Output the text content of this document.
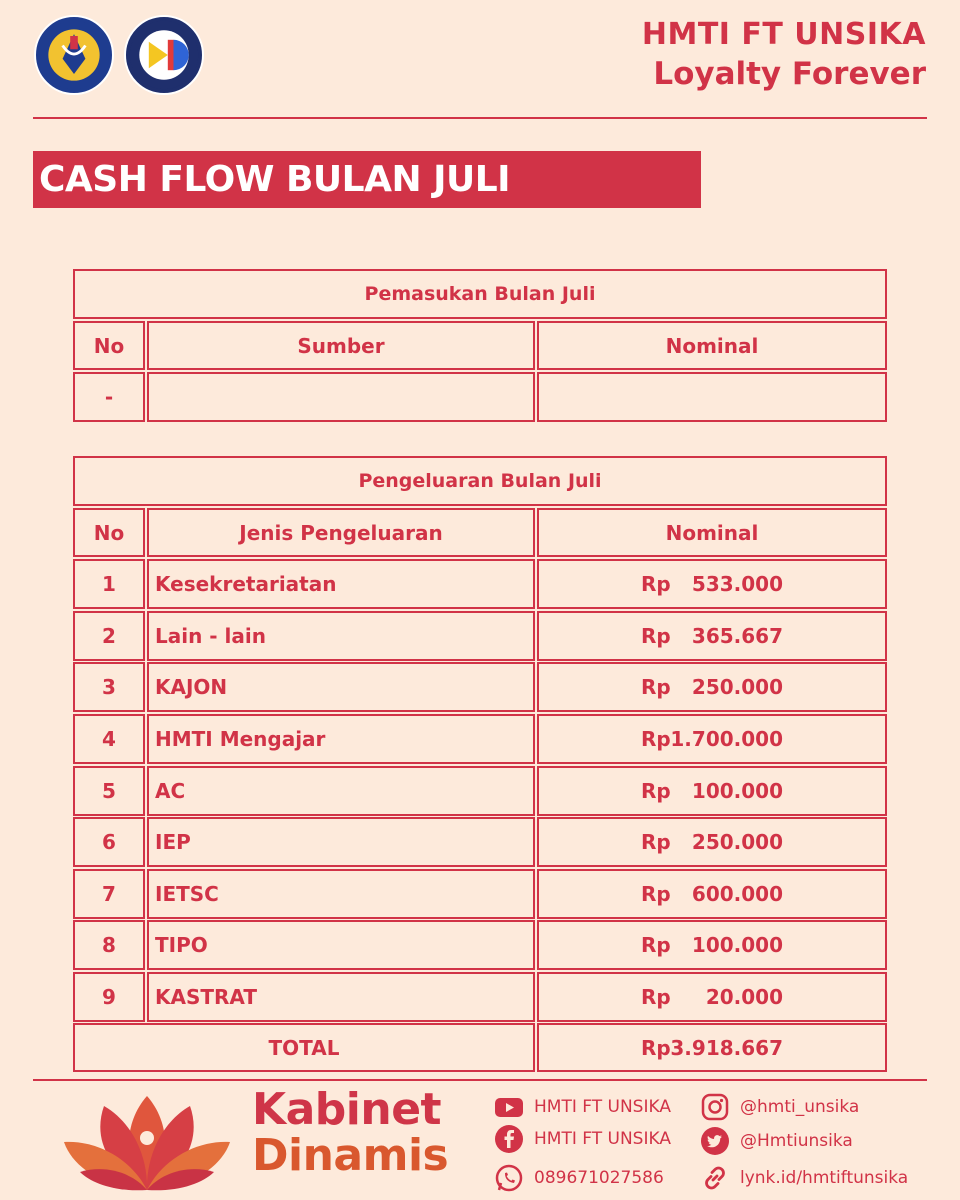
HMTI FT UNSIKA
Loyalty Forever
CASH FLOW BULAN JULI
Pemasukan Bulan Juli
No	Sumber	Nominal
-
Pengeluaran Bulan Juli
No	Jenis Pengeluaran	Nominal
1	Kesekretariatan	Rp 533.000
2	Lain - lain	Rp 365.667
3	KAJON	Rp 250.000
4	HMTI Mengajar	Rp 1.700.000
5	AC	Rp 100.000
6	IEP	Rp 250.000
7	IETSC	Rp 600.000
8	TIPO	Rp 100.000
9	KASTRAT	Rp 20.000
TOTAL	Rp 3.918.667
Kabinet
Dinamis
HMTI FT UNSIKA
HMTI FT UNSIKA
089671027586
@hmti_unsika
@Hmtiunsika
lynk.id/hmtiftunsika
